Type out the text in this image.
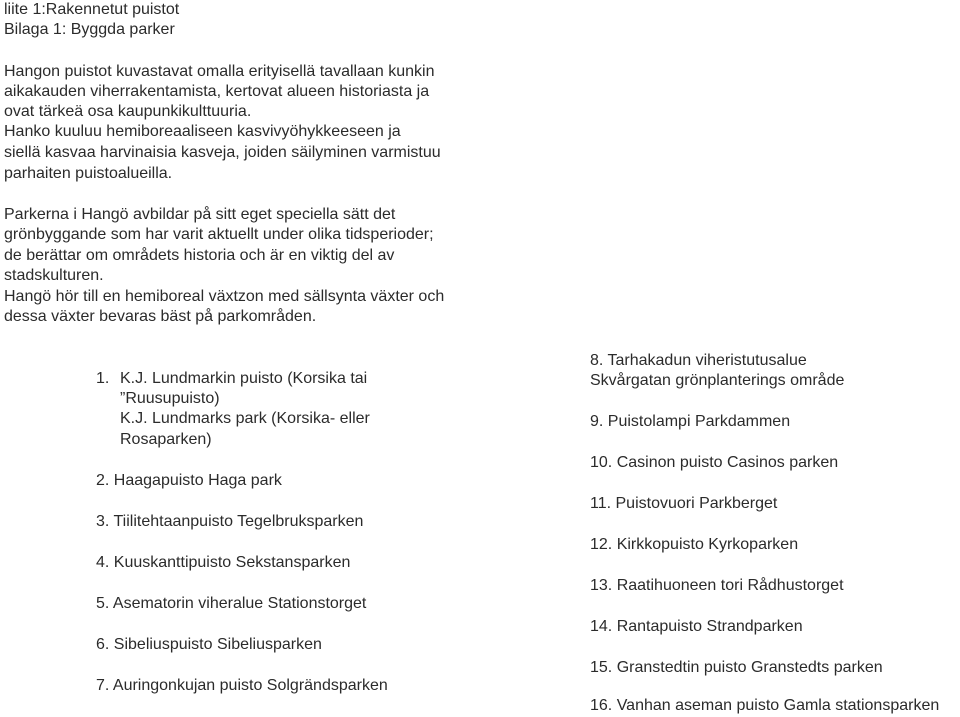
liite 1:Rakennetut puistot
Bilaga 1: Byggda parker
Hangon puistot kuvastavat omalla erityisellä tavallaan kunkin
aikakauden viherrakentamista, kertovat alueen historiasta ja
ovat tärkeä osa kaupunkikulttuuria.
Hanko kuuluu hemiboreaaliseen kasvivyöhykkeeseen ja
siellä kasvaa harvinaisia kasveja, joiden säilyminen varmistuu
parhaiten puistoalueilla.
Parkerna i Hangö avbildar på sitt eget speciella sätt det
grönbyggande som har varit aktuellt under olika tidsperioder;
de berättar om områdets historia och är en viktig del av
stadskulturen.
Hangö hör till en hemiboreal växtzon med sällsynta växter och
dessa växter bevaras bäst på parkområden.
1. K.J. Lundmarkin puisto (Korsika tai
”Ruusupuisto)
K.J. Lundmarks park (Korsika- eller
Rosaparken)
2. Haagapuisto Haga park
3. Tiilitehtaanpuisto Tegelbruksparken
4. Kuuskanttipuisto Sekstansparken
5. Asematorin viheralue Stationstorget
6. Sibeliuspuisto Sibeliusparken
7. Auringonkujan puisto Solgrändsparken
8. Tarhakadun viheristutusalue
Skvårgatan grönplanterings område
9. Puistolampi Parkdammen
10. Casinon puisto Casinos parken
11. Puistovuori Parkberget
12. Kirkkopuisto Kyrkoparken
13. Raatihuoneen tori Rådhustorget
14. Rantapuisto Strandparken
15. Granstedtin puisto Granstedts parken
16. Vanhan aseman puisto Gamla stationsparken
